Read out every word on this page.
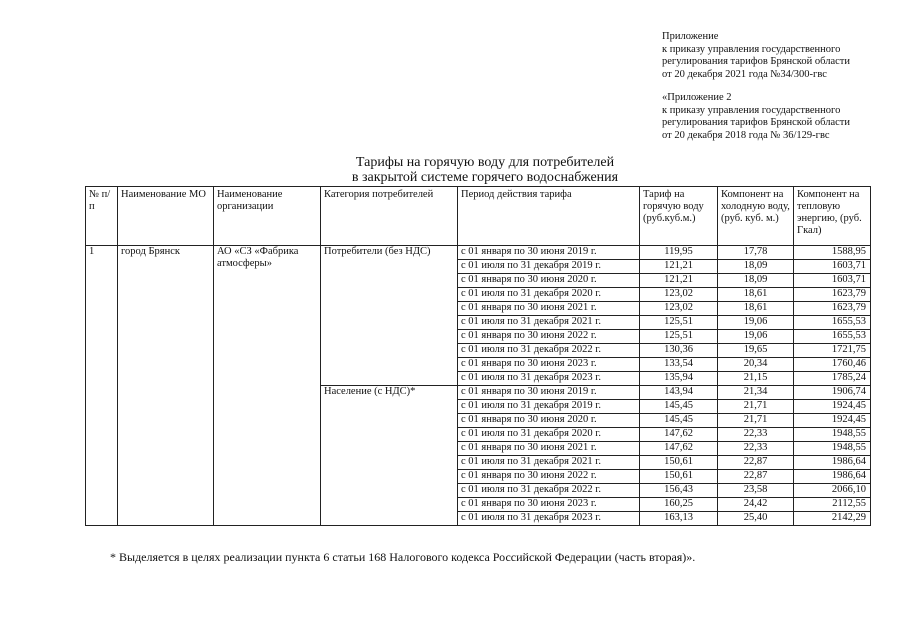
Приложение
к приказу управления государственного
регулирования тарифов Брянской области
от 20 декабря 2021 года №34/300-гвс
«Приложение 2
к приказу управления государственного
регулирования тарифов Брянской области
от 20 декабря 2018 года № 36/129-гвс
Тарифы на горячую воду для потребителей
в закрытой системе горячего водоснабжения
№ п/п	Наименование МО	Наименование организации	Категория потребителей	Период действия тарифа	Тариф на горячую воду (руб.куб.м.)	Компонент на холодную воду, (руб. куб. м.)	Компонент на тепловую энергию, (руб. Гкал)
1	город Брянск	АО «СЗ «Фабрика атмосферы»	Потребители (без НДС)	с 01 января по 30 июня 2019 г.	119,95	17,78	1588,95
				с 01 июля по 31 декабря 2019 г.	121,21	18,09	1603,71
				с 01 января по 30 июня 2020 г.	121,21	18,09	1603,71
				с 01 июля по 31 декабря 2020 г.	123,02	18,61	1623,79
				с 01 января по 30 июня 2021 г.	123,02	18,61	1623,79
				с 01 июля по 31 декабря 2021 г.	125,51	19,06	1655,53
				с 01 января по 30 июня 2022 г.	125,51	19,06	1655,53
				с 01 июля по 31 декабря 2022 г.	130,36	19,65	1721,75
				с 01 января по 30 июня 2023 г.	133,54	20,34	1760,46
				с 01 июля по 31 декабря 2023 г.	135,94	21,15	1785,24
			Население (с НДС)*	с 01 января по 30 июня 2019 г.	143,94	21,34	1906,74
				с 01 июля по 31 декабря 2019 г.	145,45	21,71	1924,45
				с 01 января по 30 июня 2020 г.	145,45	21,71	1924,45
				с 01 июля по 31 декабря 2020 г.	147,62	22,33	1948,55
				с 01 января по 30 июня 2021 г.	147,62	22,33	1948,55
				с 01 июля по 31 декабря 2021 г.	150,61	22,87	1986,64
				с 01 января по 30 июня 2022 г.	150,61	22,87	1986,64
				с 01 июля по 31 декабря 2022 г.	156,43	23,58	2066,10
				с 01 января по 30 июня 2023 г.	160,25	24,42	2112,55
				с 01 июля по 31 декабря 2023 г.	163,13	25,40	2142,29
* Выделяется в целях реализации пункта 6 статьи 168 Налогового кодекса Российской Федерации (часть вторая)».
